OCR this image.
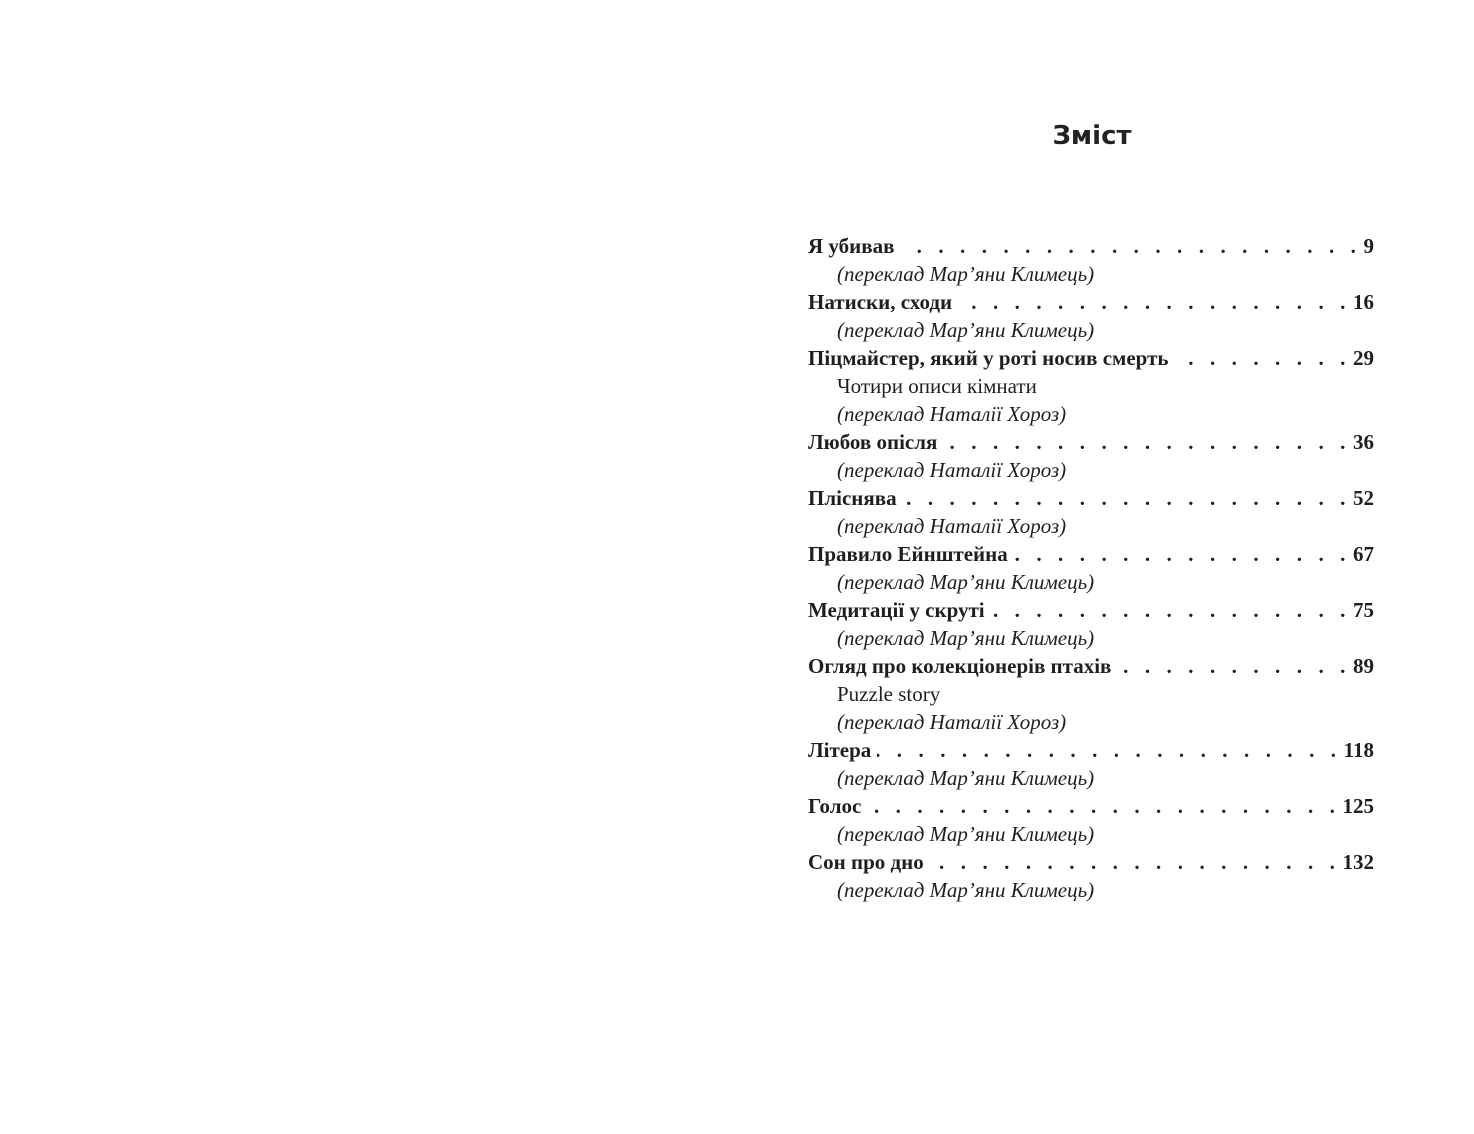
Зміст
Я убивав . . .	9
(переклад Мар’яни Климець)
Натиски, сходи . . .	16
(переклад Мар’яни Климець)
Піцмайстер, який у роті носив смерть . . .	29
Чотири описи кімнати
(переклад Наталії Хороз)
Любов опісля . . .	36
(переклад Наталії Хороз)
Пліснява . . .	52
(переклад Наталії Хороз)
Правило Ейнштейна . . .	67
(переклад Мар’яни Климець)
Медитації у скруті . . .	75
(переклад Мар’яни Климець)
Огляд про колекціонерів птахів . . .	89
Puzzle story
(переклад Наталії Хороз)
Літера . . .	118
(переклад Мар’яни Климець)
Голос . . .	125
(переклад Мар’яни Климець)
Сон про дно . . .	132
(переклад Мар’яни Климець)
